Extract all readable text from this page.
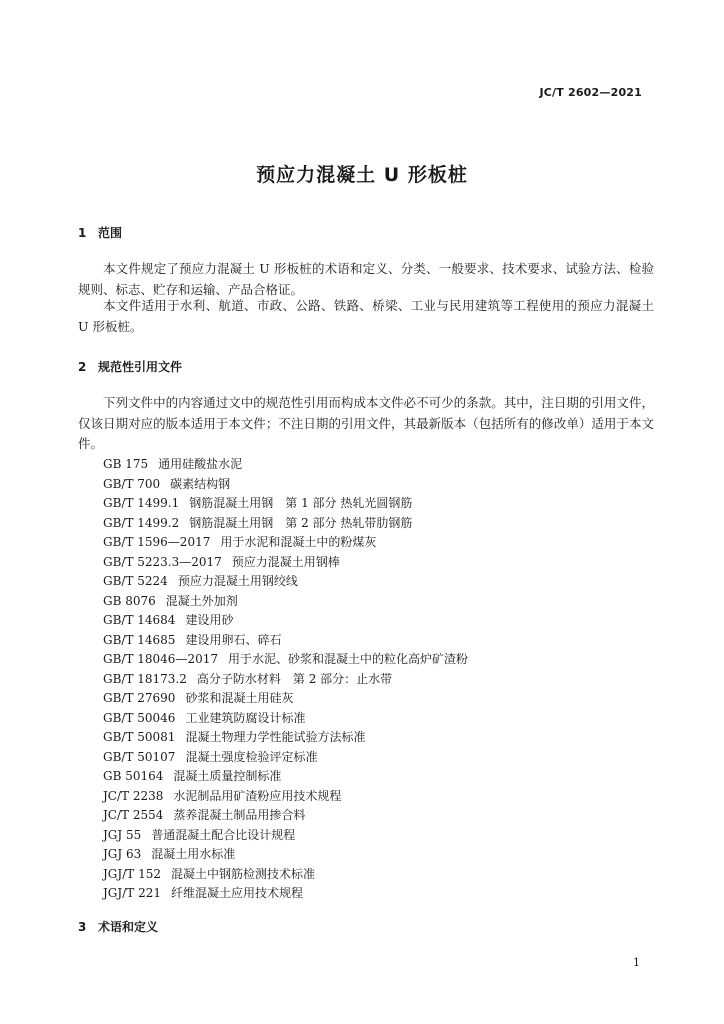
JC/T 2602—2021
预应力混凝土 U 形板桩
1 范围

本文件规定了预应力混凝土 U 形板桩的术语和定义、分类、一般要求、技术要求、试验方法、检验规则、标志、贮存和运输、产品合格证。

本文件适用于水利、航道、市政、公路、铁路、桥梁、工业与民用建筑等工程使用的预应力混凝土 U 形板桩。

2 规范性引用文件

下列文件中的内容通过文中的规范性引用而构成本文件必不可少的条款。其中，注日期的引用文件，仅该日期对应的版本适用于本文件；不注日期的引用文件，其最新版本（包括所有的修改单）适用于本文件。

GB 175 通用硅酸盐水泥
GB/T 700 碳素结构钢
GB/T 1499.1 钢筋混凝土用钢　第 1 部分 热轧光圆钢筋
GB/T 1499.2 钢筋混凝土用钢　第 2 部分 热轧带肋钢筋
GB/T 1596—2017 用于水泥和混凝土中的粉煤灰
GB/T 5223.3—2017 预应力混凝土用钢棒
GB/T 5224 预应力混凝土用钢绞线
GB 8076 混凝土外加剂
GB/T 14684 建设用砂
GB/T 14685 建设用卵石、碎石
GB/T 18046—2017 用于水泥、砂浆和混凝土中的粒化高炉矿渣粉
GB/T 18173.2 高分子防水材料　第 2 部分：止水带
GB/T 27690 砂浆和混凝土用硅灰
GB/T 50046 工业建筑防腐设计标准
GB/T 50081 混凝土物理力学性能试验方法标准
GB/T 50107 混凝土强度检验评定标准
GB 50164 混凝土质量控制标准
JC/T 2238 水泥制品用矿渣粉应用技术规程
JC/T 2554 蒸养混凝土制品用掺合料
JGJ 55 普通混凝土配合比设计规程
JGJ 63 混凝土用水标准
JGJ/T 152 混凝土中钢筋检测技术标准
JGJ/T 221 纤维混凝土应用技术规程
3 术语和定义
1
